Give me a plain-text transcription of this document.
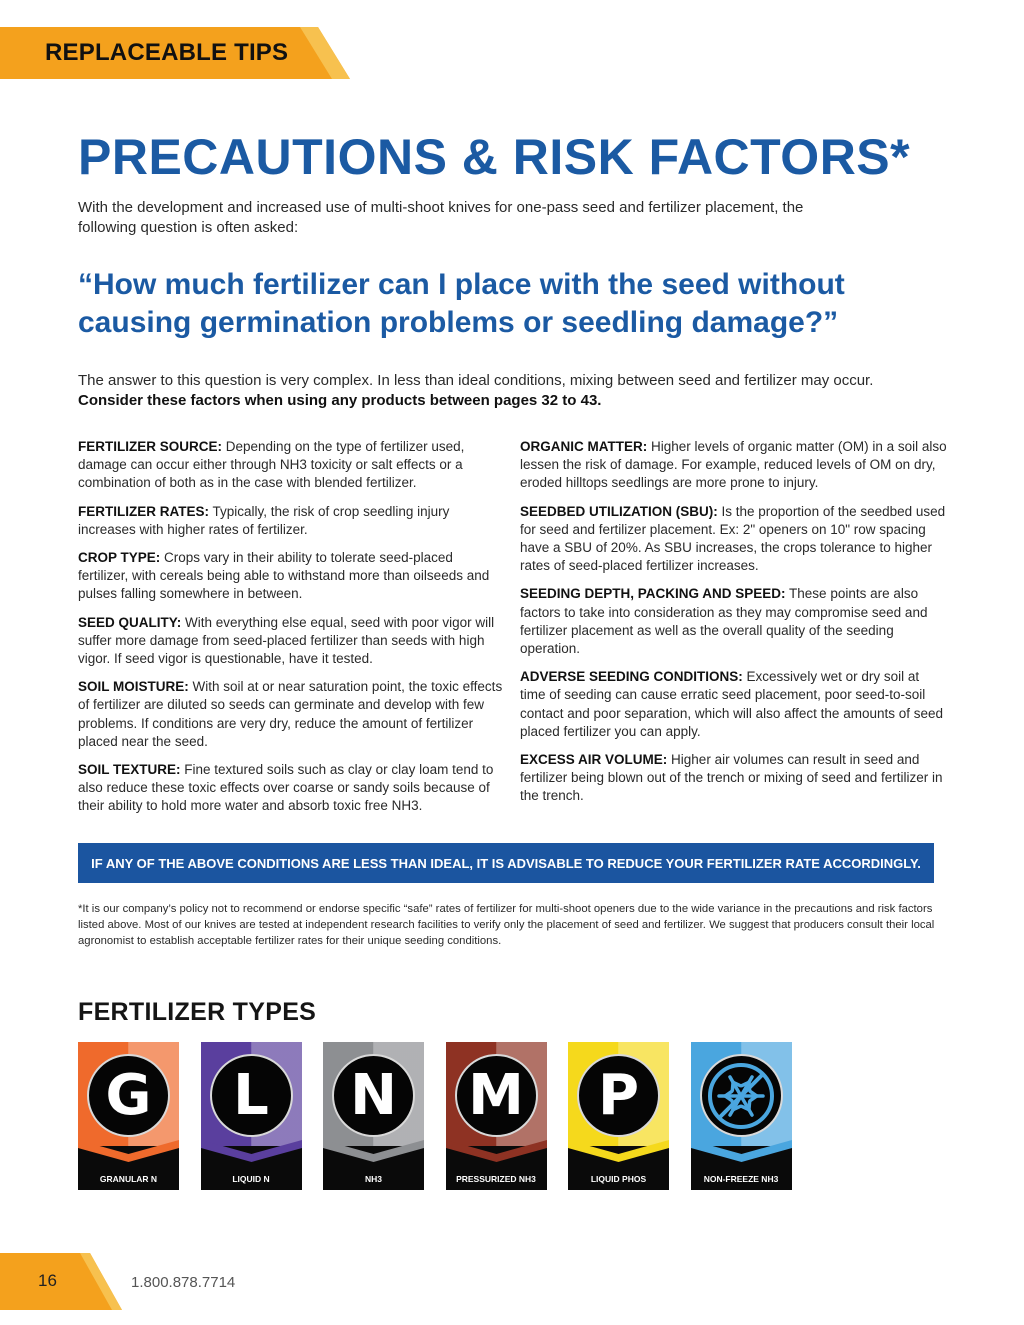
REPLACEABLE TIPS
PRECAUTIONS & RISK FACTORS*

With the development and increased use of multi-shoot knives for one-pass seed and fertilizer placement, the following question is often asked:

“How much fertilizer can I place with the seed without causing germination problems or seedling damage?”

The answer to this question is very complex. In less than ideal conditions, mixing between seed and fertilizer may occur.
Consider these factors when using any products between pages 32 to 43.

FERTILIZER SOURCE: Depending on the type of fertilizer used, damage can occur either through NH3 toxicity or salt effects or a combination of both as in the case with blended fertilizer.

FERTILIZER RATES: Typically, the risk of crop seedling injury increases with higher rates of fertilizer.

CROP TYPE: Crops vary in their ability to tolerate seed-placed fertilizer, with cereals being able to withstand more than oilseeds and pulses falling somewhere in between.

SEED QUALITY: With everything else equal, seed with poor vigor will suffer more damage from seed-placed fertilizer than seeds with high vigor. If seed vigor is questionable, have it tested.

SOIL MOISTURE: With soil at or near saturation point, the toxic effects of fertilizer are diluted so seeds can germinate and develop with few problems. If conditions are very dry, reduce the amount of fertilizer placed near the seed.

SOIL TEXTURE: Fine textured soils such as clay or clay loam tend to also reduce these toxic effects over coarse or sandy soils because of their ability to hold more water and absorb toxic free NH3.

ORGANIC MATTER: Higher levels of organic matter (OM) in a soil also lessen the risk of damage. For example, reduced levels of OM on dry, eroded hilltops seedlings are more prone to injury.

SEEDBED UTILIZATION (SBU): Is the proportion of the seedbed used for seed and fertilizer placement. Ex: 2" openers on 10" row spacing have a SBU of 20%. As SBU increases, the crops tolerance to higher rates of seed-placed fertilizer increases.

SEEDING DEPTH, PACKING AND SPEED: These points are also factors to take into consideration as they may compromise seed and fertilizer placement as well as the overall quality of the seeding operation.

ADVERSE SEEDING CONDITIONS: Excessively wet or dry soil at time of seeding can cause erratic seed placement, poor seed-to-soil contact and poor separation, which will also affect the amounts of seed placed fertilizer you can apply.

EXCESS AIR VOLUME: Higher air volumes can result in seed and fertilizer being blown out of the trench or mixing of seed and fertilizer in the trench.

IF ANY OF THE ABOVE CONDITIONS ARE LESS THAN IDEAL, IT IS ADVISABLE TO REDUCE YOUR FERTILIZER RATE ACCORDINGLY.

*It is our company’s policy not to recommend or endorse specific “safe” rates of fertilizer for multi-shoot openers due to the wide variance in the precautions and risk factors listed above. Most of our knives are tested at independent research facilities to verify only the placement of seed and fertilizer. We suggest that producers consult their local agronomist to establish acceptable fertilizer rates for their unique seeding conditions.

FERTILIZER TYPES
GRANULAR N
G
LIQUID N
L
NH3
N
PRESSURIZED NH3
M
LIQUID PHOS
P
NON-FREEZE NH3
16	1.800.878.7714
